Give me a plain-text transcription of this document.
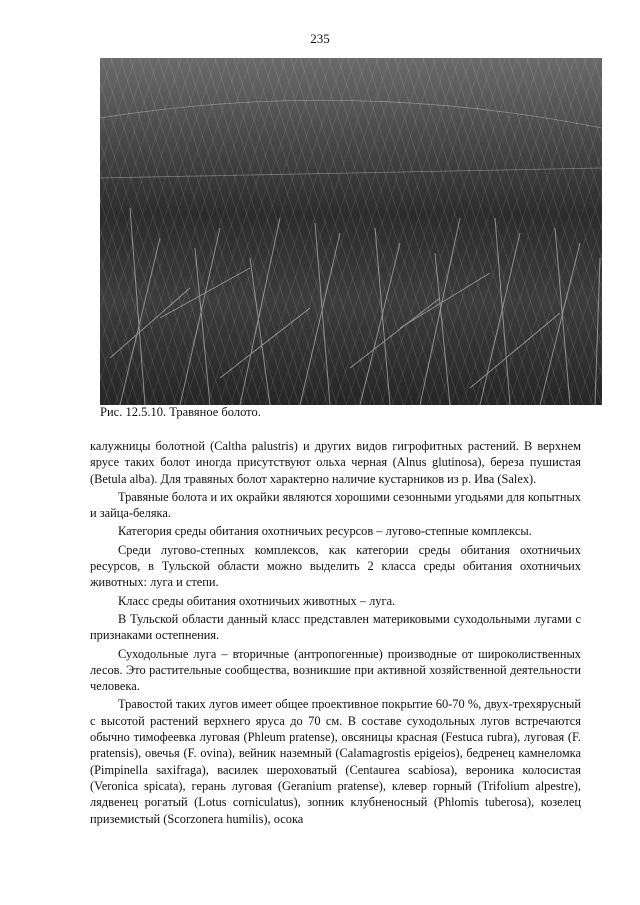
235
Рис. 12.5.10. Травяное болото.

калужницы болотной (Caltha palustris) и других видов гигрофитных растений. В верхнем ярусе таких болот иногда присутствуют ольха черная (Alnus glutinosa), береза пушистая (Betula alba). Для травяных болот характерно наличие кустарников из р. Ива (Salex).

Травяные болота и их окрайки являются хорошими сезонными угодьями для копытных и зайца-беляка.

Категория среды обитания охотничьих ресурсов – лугово-степные комплексы.

Среди лугово-степных комплексов, как категории среды обитания охотничьих ресурсов, в Тульской области можно выделить 2 класса среды обитания охотничьих животных: луга и степи.

Класс среды обитания охотничьих животных – луга.

В Тульской области данный класс представлен материковыми суходольными лугами с признаками остепнения.

Суходольные луга – вторичные (антропогенные) производные от широколиственных лесов. Это растительные сообщества, возникшие при активной хозяйственной деятельности человека.

Травостой таких лугов имеет общее проективное покрытие 60-70 %, двух-трехярусный с высотой растений верхнего яруса до 70 см. В составе суходольных лугов встречаются обычно тимофеевка луговая (Phleum pratense), овсяницы красная (Festuca rubra), луговая (F. pratensis), овечья (F. ovina), вейник наземный (Calamagrostis epigeios), бедренец камнеломка (Pimpinella saxifraga), василек шероховатый (Centaurea scabiosa), вероника колосистая (Veronica spicata), герань луговая (Geranium pratense), клевер горный (Trifolium alpestre), лядвенец рогатый (Lotus corniculatus), зопник клубненосный (Phlomis tuberosa), козелец приземистый (Scorzonera humilis), осока
